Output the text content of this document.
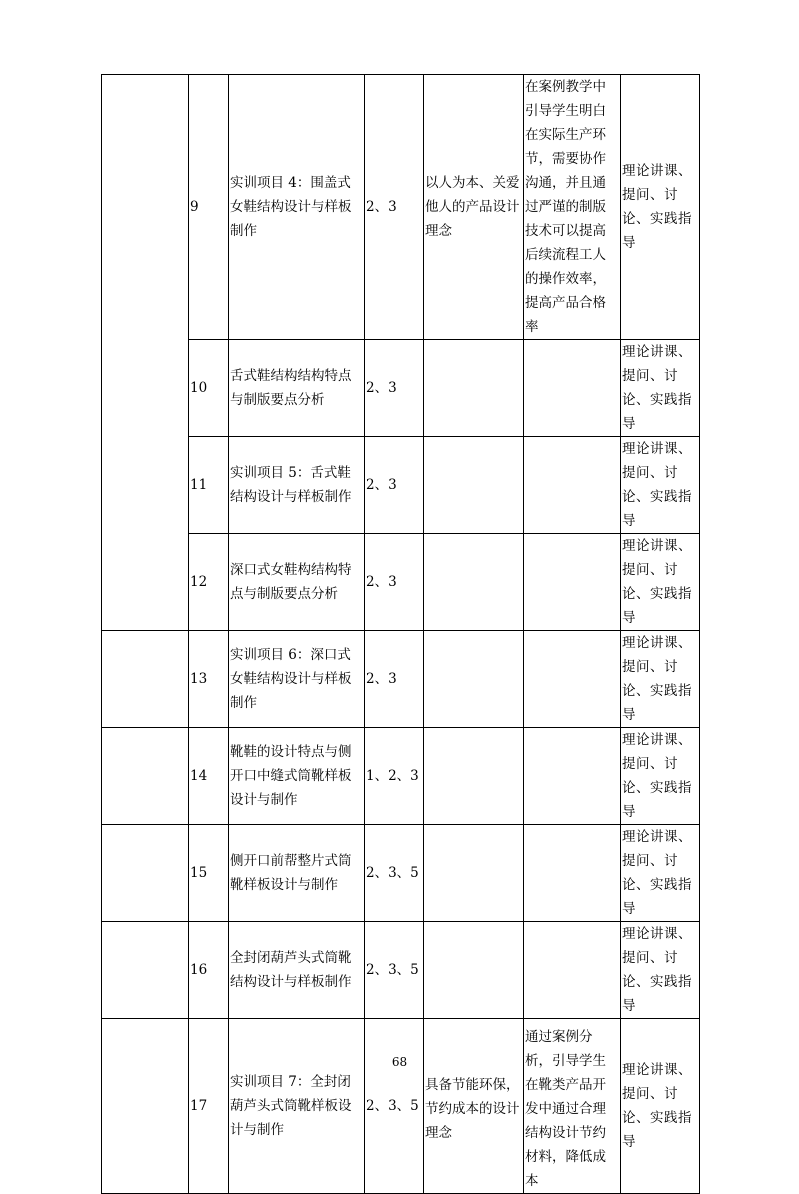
	9	实训项目 4：围盖式女鞋结构设计与样板制作	2、3	以人为本、关爱他人的产品设计理念	在案例教学中引导学生明白在实际生产环节，需要协作沟通，并且通过严谨的制版技术可以提高后续流程工人的操作效率，提高产品合格率	理论讲课、提问、讨论、实践指导
	10	舌式鞋结构结构特点与制版要点分析	2、3			理论讲课、提问、讨论、实践指导
	11	实训项目 5：舌式鞋结构设计与样板制作	2、3			理论讲课、提问、讨论、实践指导
	12	深口式女鞋构结构特点与制版要点分析	2、3			理论讲课、提问、讨论、实践指导
	13	实训项目 6：深口式女鞋结构设计与样板制作	2、3			理论讲课、提问、讨论、实践指导
	14	靴鞋的设计特点与侧开口中缝式筒靴样板设计与制作	1、2、3			理论讲课、提问、讨论、实践指导
	15	侧开口前帮整片式筒靴样板设计与制作	2、3、5			理论讲课、提问、讨论、实践指导
	16	全封闭葫芦头式筒靴结构设计与样板制作	2、3、5			理论讲课、提问、讨论、实践指导
	17	实训项目 7：全封闭葫芦头式筒靴样板设计与制作	2、3、5	具备节能环保，节约成本的设计理念	通过案例分析，引导学生在靴类产品开发中通过合理结构设计节约材料，降低成本	理论讲课、提问、讨论、实践指导
68
